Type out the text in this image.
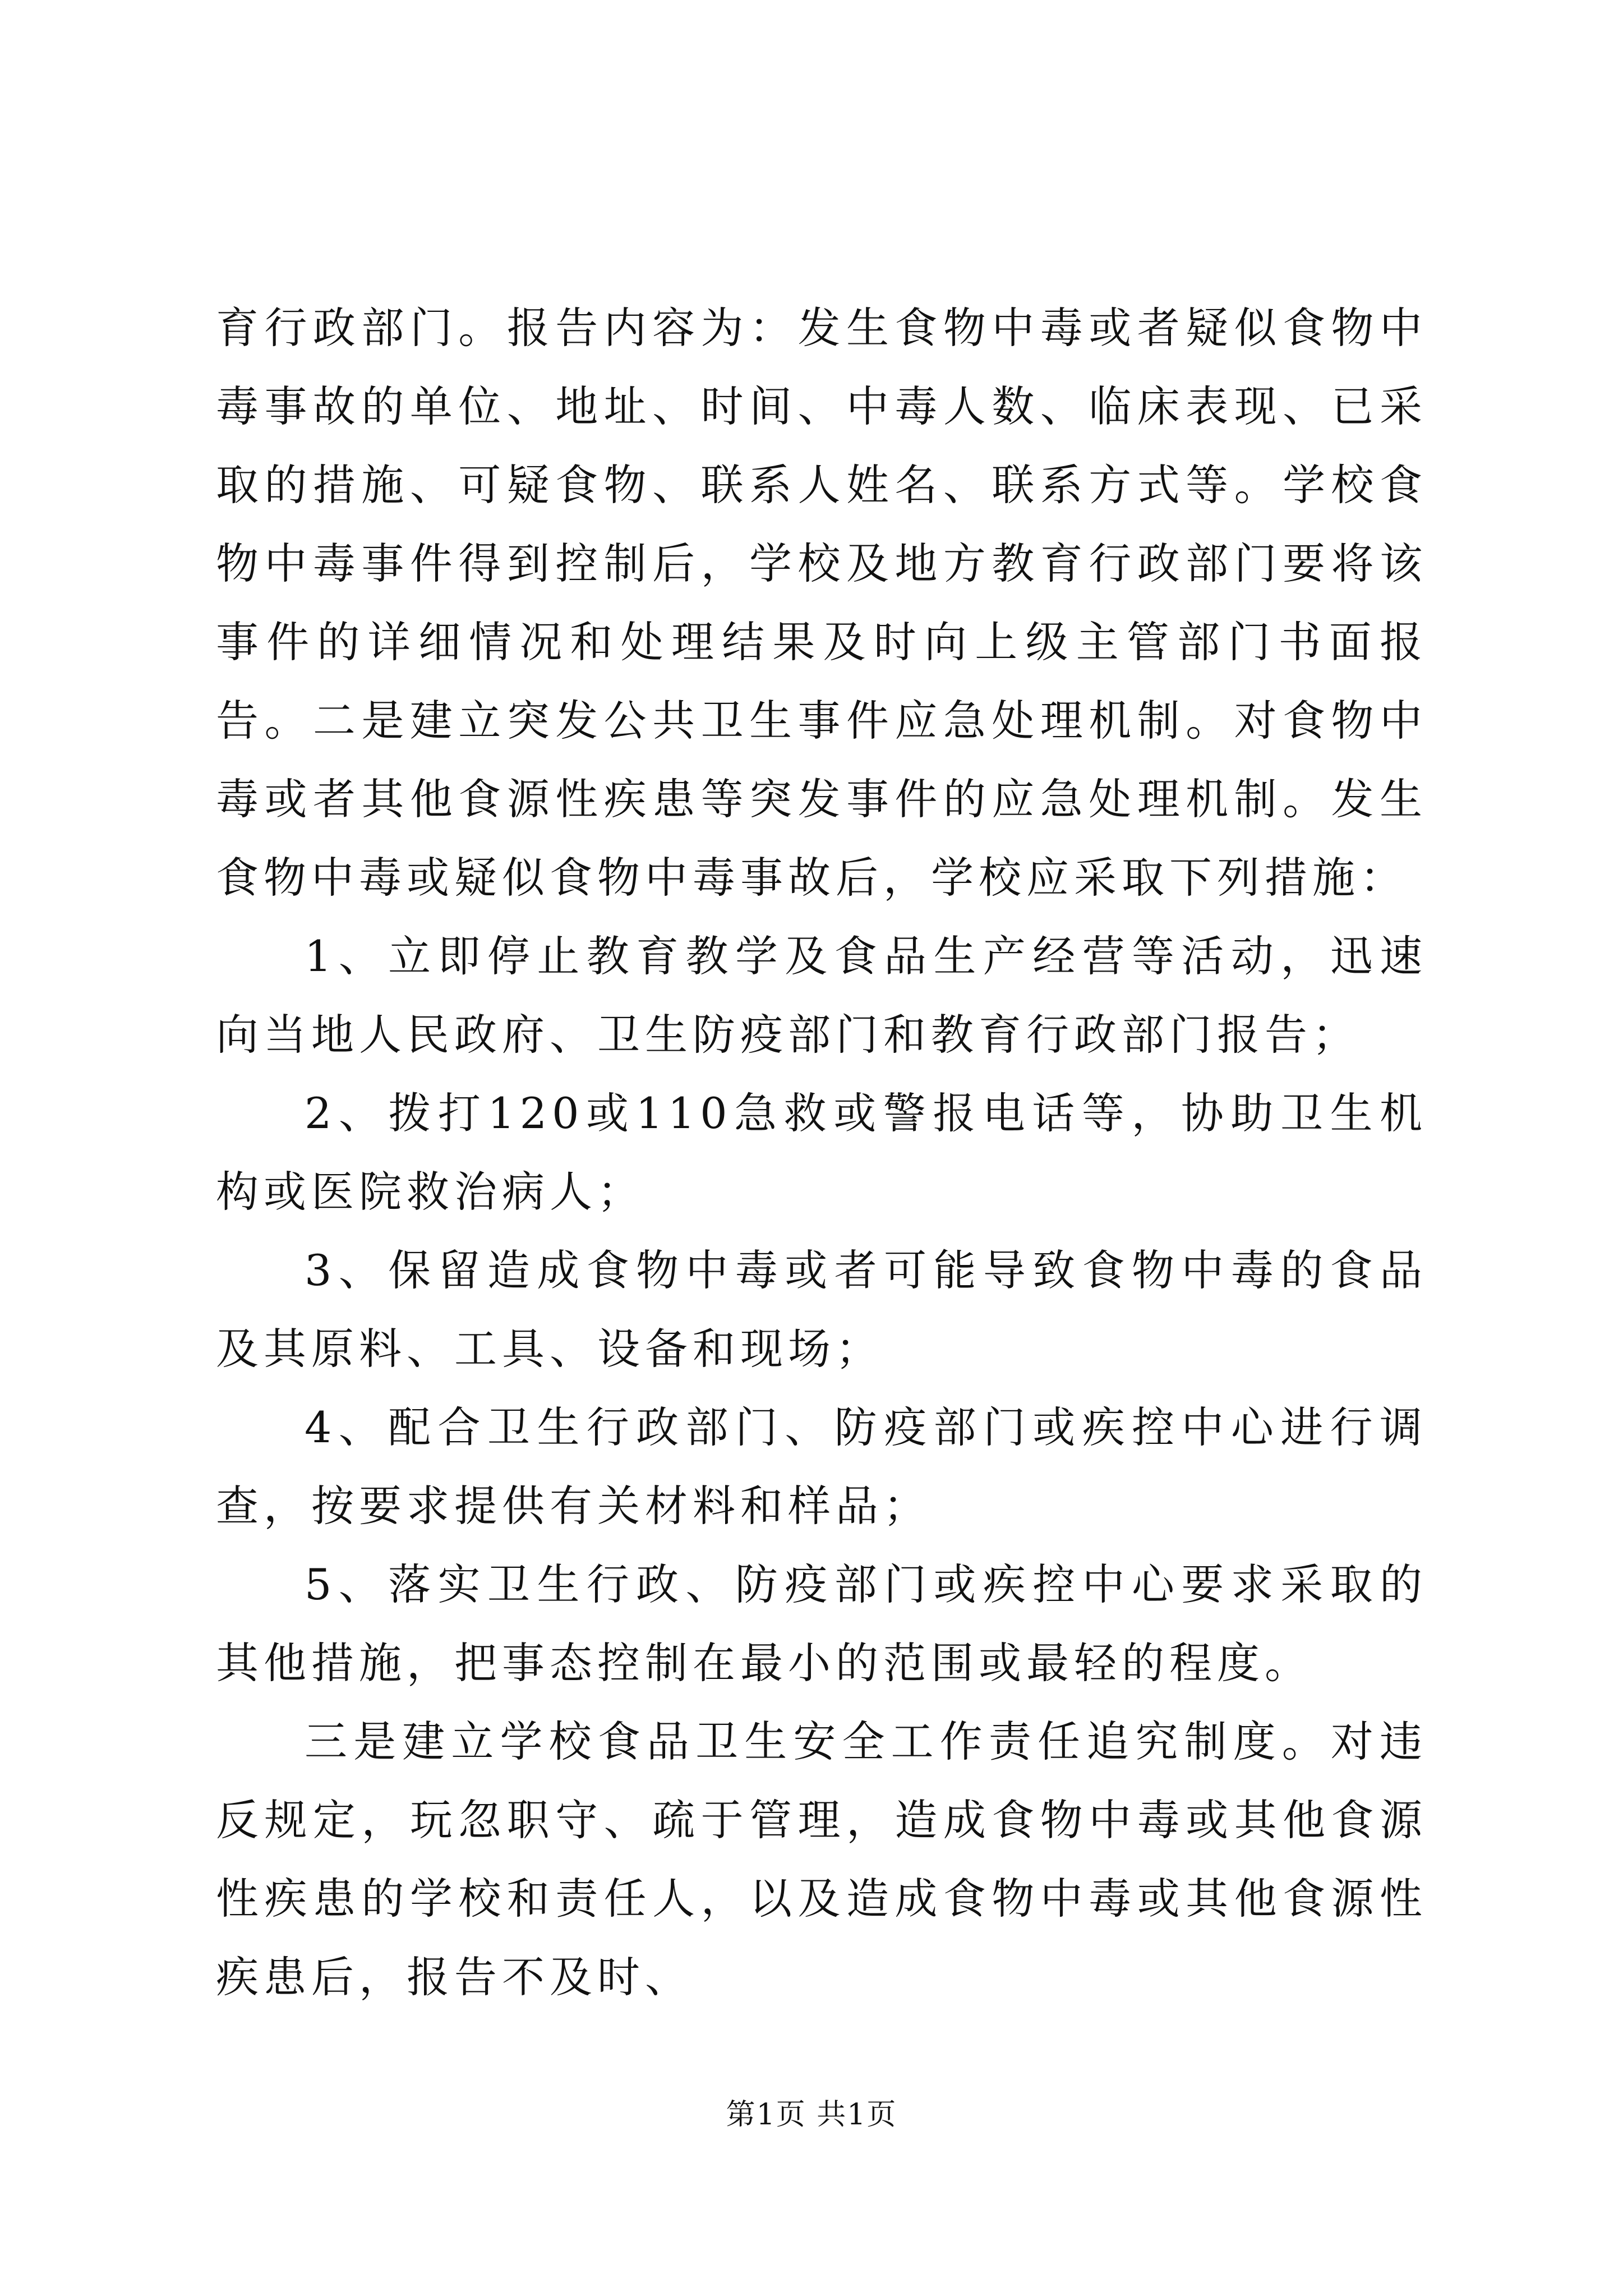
育行政部门。报告内容为：发生食物中毒或者疑似食物中毒事故的单位、地址、时间、中毒人数、临床表现、已采取的措施、可疑食物、联系人姓名、联系方式等。学校食物中毒事件得到控制后，学校及地方教育行政部门要将该事件的详细情况和处理结果及时向上级主管部门书面报告。二是建立突发公共卫生事件应急处理机制。对食物中毒或者其他食源性疾患等突发事件的应急处理机制。发生食物中毒或疑似食物中毒事故后，学校应采取下列措施：

1、立即停止教育教学及食品生产经营等活动，迅速向当地人民政府、卫生防疫部门和教育行政部门报告；

2、拨打120或110急救或警报电话等，协助卫生机构或医院救治病人；

3、保留造成食物中毒或者可能导致食物中毒的食品及其原料、工具、设备和现场；

4、配合卫生行政部门、防疫部门或疾控中心进行调查，按要求提供有关材料和样品；

5、落实卫生行政、防疫部门或疾控中心要求采取的其他措施，把事态控制在最小的范围或最轻的程度。

三是建立学校食品卫生安全工作责任追究制度。对违反规定，玩忽职守、疏于管理，造成食物中毒或其他食源性疾患的学校和责任人，以及造成食物中毒或其他食源性疾患后，报告不及时、

第1页 共1页
